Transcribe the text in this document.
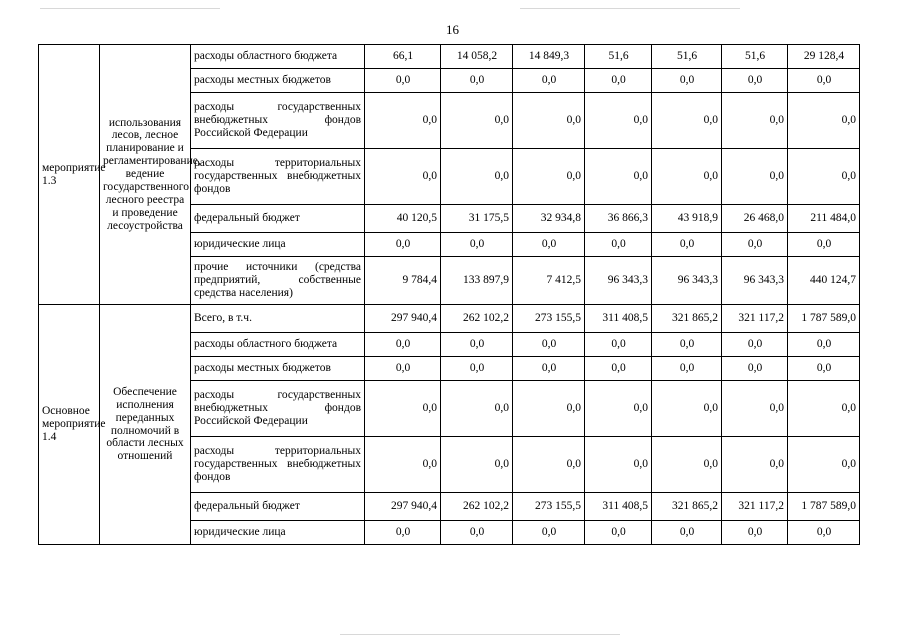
16
мероприятие 1.3	использования лесов, лесное планирование и регламентирование, ведение государственного лесного реестра и проведение лесоустройства	расходы областного бюджета	66,1	14 058,2	14 849,3	51,6	51,6	51,6	29 128,4
		расходы местных бюджетов	0,0	0,0	0,0	0,0	0,0	0,0	0,0
		расходы государственных внебюджетных фондов Российской Федерации	0,0	0,0	0,0	0,0	0,0	0,0	0,0
		расходы территориальных государственных внебюджетных фондов	0,0	0,0	0,0	0,0	0,0	0,0	0,0
		федеральный бюджет	40 120,5	31 175,5	32 934,8	36 866,3	43 918,9	26 468,0	211 484,0
		юридические лица	0,0	0,0	0,0	0,0	0,0	0,0	0,0
		прочие источники (средства предприятий, собственные средства населения)	9 784,4	133 897,9	7 412,5	96 343,3	96 343,3	96 343,3	440 124,7
Основное мероприятие 1.4	Обеспечение исполнения переданных полномочий в области лесных отношений	Всего, в т.ч.	297 940,4	262 102,2	273 155,5	311 408,5	321 865,2	321 117,2	1 787 589,0
		расходы областного бюджета	0,0	0,0	0,0	0,0	0,0	0,0	0,0
		расходы местных бюджетов	0,0	0,0	0,0	0,0	0,0	0,0	0,0
		расходы государственных внебюджетных фондов Российской Федерации	0,0	0,0	0,0	0,0	0,0	0,0	0,0
		расходы территориальных государственных внебюджетных фондов	0,0	0,0	0,0	0,0	0,0	0,0	0,0
		федеральный бюджет	297 940,4	262 102,2	273 155,5	311 408,5	321 865,2	321 117,2	1 787 589,0
		юридические лица	0,0	0,0	0,0	0,0	0,0	0,0	0,0
